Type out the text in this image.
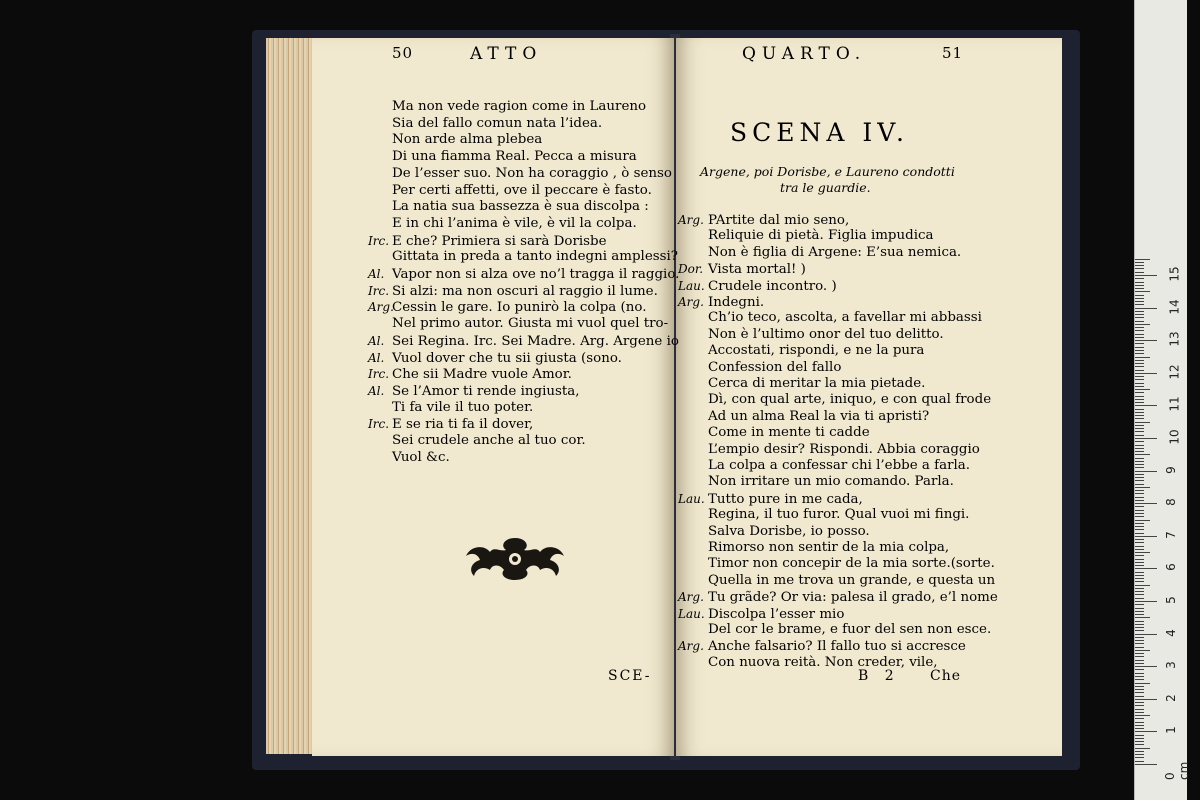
50	ATTO
Ma non vede ragion come in Laureno
Sia del fallo comun nata l’idea.
Non arde alma plebea
Di una fiamma Real. Pecca a misura
De l’esser suo. Non ha coraggio , ò senso
Per certi affetti, ove il peccare è fasto.
La natia sua bassezza è sua discolpa :
E in chi l’anima è vile, è vil la colpa.
Irc. E che? Primiera si sarà Dorisbe
Gittata in preda a tanto indegni amplessi?
Al. Vapor non si alza ove no’l tragga il raggio.
Irc. Si alzi: ma non oscuri al raggio il lume.
Arg.Cessin le gare. Io punirò la colpa (no.
Nel primo autor. Giusta mi vuol quel tro-
Al. Sei Regina. Irc. Sei Madre. Arg. Argene io
Al. Vuol dover che tu sii giusta (sono.
Irc. Che sii Madre vuole Amor.
Al. Se l’Amor ti rende ingiusta,
Ti fa vile il tuo poter.
Irc. E se ria ti fa il dover,
Sei crudele anche al tuo cor.
Vuol &c.
SCE-
QUARTO.	51
SCENA IV.
Argene, poi Dorisbe, e Laureno condotti
tra le guardie.
Arg. PArtite dal mio seno,
Reliquie di pietà. Figlia impudica
Non è figlia di Argene: E’sua nemica.
Dor. Vista mortal! )
Lau. Crudele incontro. )
Arg. Indegni.
Ch’io teco, ascolta, a favellar mi abbassi
Non è l’ultimo onor del tuo delitto.
Accostati, rispondi, e ne la pura
Confession del fallo
Cerca di meritar la mia pietade.
Dì, con qual arte, iniquo, e con qual frode
Ad un alma Real la via ti apristi?
Come in mente ti cadde
L’empio desir? Rispondi. Abbia coraggio
La colpa a confessar chi l’ebbe a farla.
Non irritare un mio comando. Parla.
Lau. Tutto pure in me cada,
Regina, il tuo furor. Qual vuoi mi fingi.
Salva Dorisbe, io posso.
Rimorso non sentir de la mia colpa,
Timor non concepir de la mia sorte.(sorte.
Quella in me trova un grande, e questa un
Arg. Tu grãde? Or via: palesa il grado, e’l nome
Lau. Discolpa l’esser mio
Del cor le brame, e fuor del sen non esce.
Arg. Anche falsario? Il fallo tuo si accresce
Con nuova reità. Non creder, vile,
B 2 Che
0 cm
1
2
3
4
5
6
7
8
9
10
11
12
13
14
15
